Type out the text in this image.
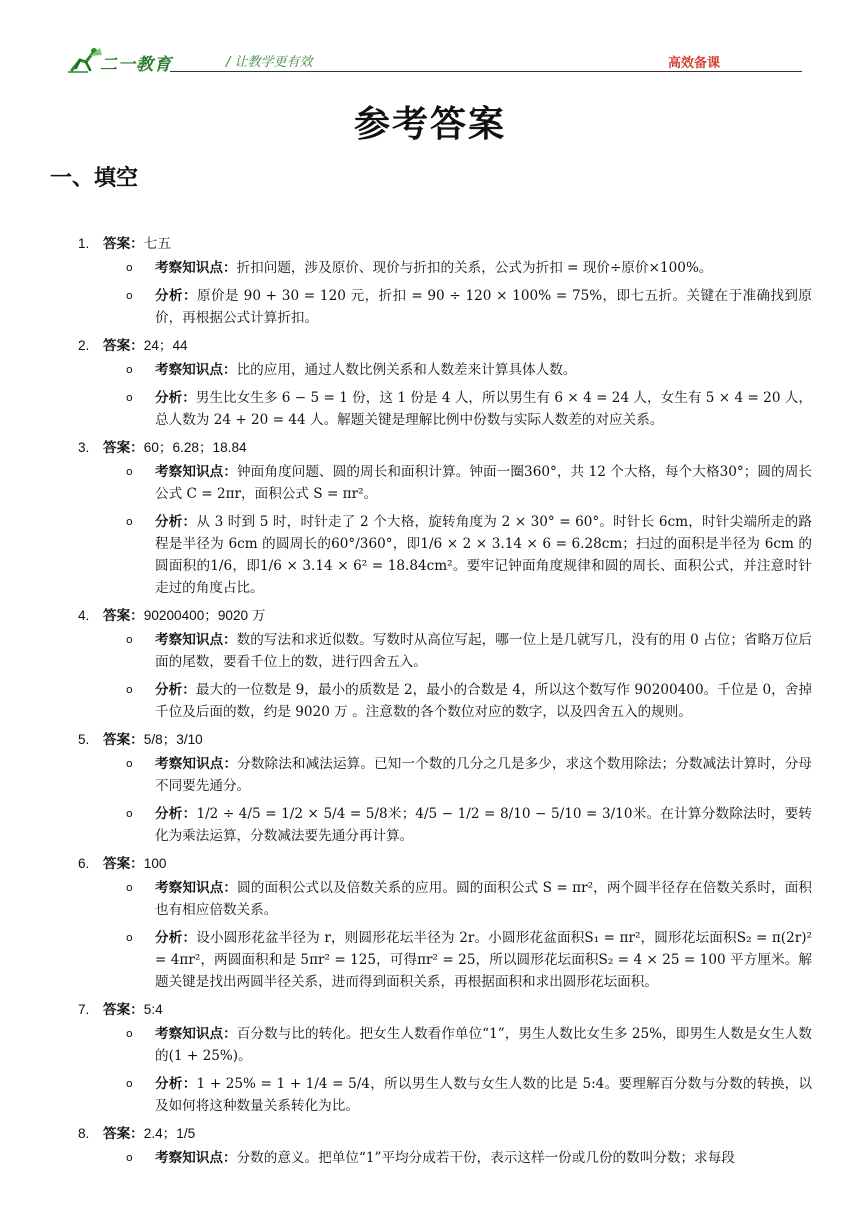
二一教育	/ 让教学更有效	高效备课
参考答案
一、填空
1. 答案：七五
o 考察知识点：折扣问题，涉及原价、现价与折扣的关系，公式为折扣 = 现价÷原价×100%。
o 分析：原价是 90 + 30 = 120 元，折扣 = 90 ÷ 120 × 100% = 75%，即七五折。关键在于准确找到原价，再根据公式计算折扣。
2. 答案：24；44
o 考察知识点：比的应用，通过人数比例关系和人数差来计算具体人数。
o 分析：男生比女生多 6 − 5 = 1 份，这 1 份是 4 人，所以男生有 6 × 4 = 24 人，女生有 5 × 4 = 20 人，总人数为 24 + 20 = 44 人。解题关键是理解比例中份数与实际人数差的对应关系。
3. 答案：60；6.28；18.84
o 考察知识点：钟面角度问题、圆的周长和面积计算。钟面一圈360°，共 12 个大格，每个大格30°；圆的周长公式 C = 2πr，面积公式 S = πr²。
o 分析：从 3 时到 5 时，时针走了 2 个大格，旋转角度为 2 × 30° = 60°。时针长 6cm，时针尖端所走的路程是半径为 6cm 的圆周长的60°/360°，即1/6 × 2 × 3.14 × 6 = 6.28cm；扫过的面积是半径为 6cm 的圆面积的1/6，即1/6 × 3.14 × 6² = 18.84cm²。要牢记钟面角度规律和圆的周长、面积公式，并注意时针走过的角度占比。
4. 答案：90200400；9020 万
o 考察知识点：数的写法和求近似数。写数时从高位写起，哪一位上是几就写几，没有的用 0 占位；省略万位后面的尾数，要看千位上的数，进行四舍五入。
o 分析：最大的一位数是 9，最小的质数是 2，最小的合数是 4，所以这个数写作 90200400。千位是 0，舍掉千位及后面的数，约是 9020 万 。注意数的各个数位对应的数字，以及四舍五入的规则。
5. 答案：5/8；3/10
o 考察知识点：分数除法和减法运算。已知一个数的几分之几是多少，求这个数用除法；分数减法计算时，分母不同要先通分。
o 分析：1/2 ÷ 4/5 = 1/2 × 5/4 = 5/8米；4/5 − 1/2 = 8/10 − 5/10 = 3/10米。在计算分数除法时，要转化为乘法运算，分数减法要先通分再计算。
6. 答案：100
o 考察知识点：圆的面积公式以及倍数关系的应用。圆的面积公式 S = πr²，两个圆半径存在倍数关系时，面积也有相应倍数关系。
o 分析：设小圆形花盆半径为 r，则圆形花坛半径为 2r。小圆形花盆面积S₁ = πr²，圆形花坛面积S₂ = π(2r)² = 4πr²，两圆面积和是 5πr² = 125，可得πr² = 25，所以圆形花坛面积S₂ = 4 × 25 = 100 平方厘米。解题关键是找出两圆半径关系，进而得到面积关系，再根据面积和求出圆形花坛面积。
7. 答案：5:4
o 考察知识点：百分数与比的转化。把女生人数看作单位“1”，男生人数比女生多 25%，即男生人数是女生人数的(1 + 25%)。
o 分析：1 + 25% = 1 + 1/4 = 5/4，所以男生人数与女生人数的比是 5:4。要理解百分数与分数的转换，以及如何将这种数量关系转化为比。
8. 答案：2.4；1/5
o 考察知识点：分数的意义。把单位“1”平均分成若干份，表示这样一份或几份的数叫分数；求每段
